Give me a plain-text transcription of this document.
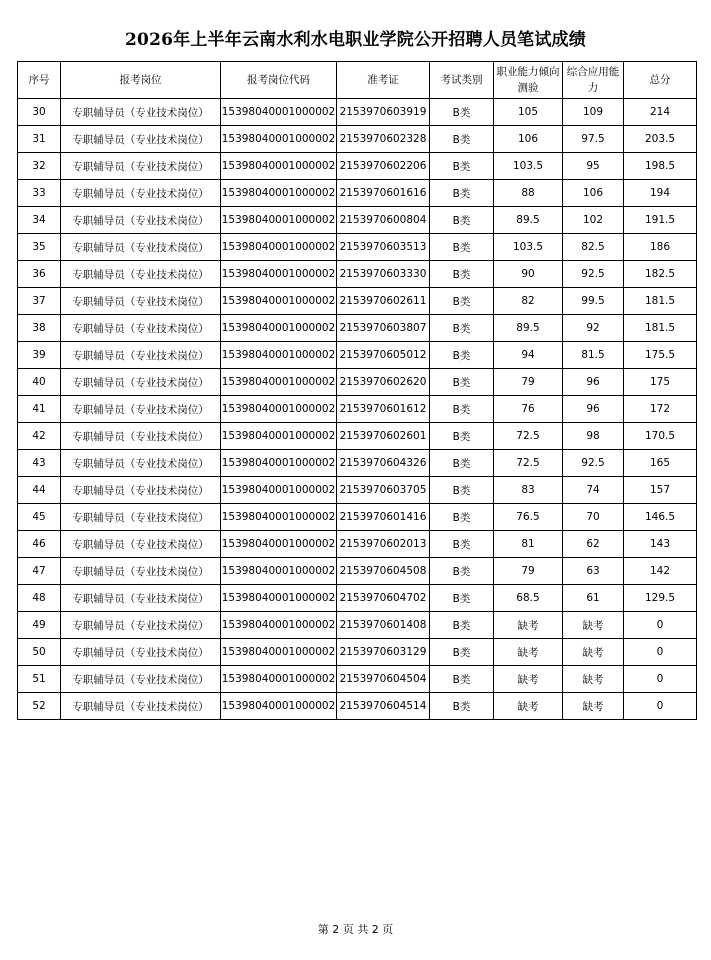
2026年上半年云南水利水电职业学院公开招聘人员笔试成绩
序号	报考岗位	报考岗位代码	准考证	考试类别	职业能力倾向测验	综合应用能力	总分
30	专职辅导员（专业技术岗位）	15398040001000002	2153970603919	B类	105	109	214
31	专职辅导员（专业技术岗位）	15398040001000002	2153970602328	B类	106	97.5	203.5
32	专职辅导员（专业技术岗位）	15398040001000002	2153970602206	B类	103.5	95	198.5
33	专职辅导员（专业技术岗位）	15398040001000002	2153970601616	B类	88	106	194
34	专职辅导员（专业技术岗位）	15398040001000002	2153970600804	B类	89.5	102	191.5
35	专职辅导员（专业技术岗位）	15398040001000002	2153970603513	B类	103.5	82.5	186
36	专职辅导员（专业技术岗位）	15398040001000002	2153970603330	B类	90	92.5	182.5
37	专职辅导员（专业技术岗位）	15398040001000002	2153970602611	B类	82	99.5	181.5
38	专职辅导员（专业技术岗位）	15398040001000002	2153970603807	B类	89.5	92	181.5
39	专职辅导员（专业技术岗位）	15398040001000002	2153970605012	B类	94	81.5	175.5
40	专职辅导员（专业技术岗位）	15398040001000002	2153970602620	B类	79	96	175
41	专职辅导员（专业技术岗位）	15398040001000002	2153970601612	B类	76	96	172
42	专职辅导员（专业技术岗位）	15398040001000002	2153970602601	B类	72.5	98	170.5
43	专职辅导员（专业技术岗位）	15398040001000002	2153970604326	B类	72.5	92.5	165
44	专职辅导员（专业技术岗位）	15398040001000002	2153970603705	B类	83	74	157
45	专职辅导员（专业技术岗位）	15398040001000002	2153970601416	B类	76.5	70	146.5
46	专职辅导员（专业技术岗位）	15398040001000002	2153970602013	B类	81	62	143
47	专职辅导员（专业技术岗位）	15398040001000002	2153970604508	B类	79	63	142
48	专职辅导员（专业技术岗位）	15398040001000002	2153970604702	B类	68.5	61	129.5
49	专职辅导员（专业技术岗位）	15398040001000002	2153970601408	B类	缺考	缺考	0
50	专职辅导员（专业技术岗位）	15398040001000002	2153970603129	B类	缺考	缺考	0
51	专职辅导员（专业技术岗位）	15398040001000002	2153970604504	B类	缺考	缺考	0
52	专职辅导员（专业技术岗位）	15398040001000002	2153970604514	B类	缺考	缺考	0

第 2 页 共 2 页
